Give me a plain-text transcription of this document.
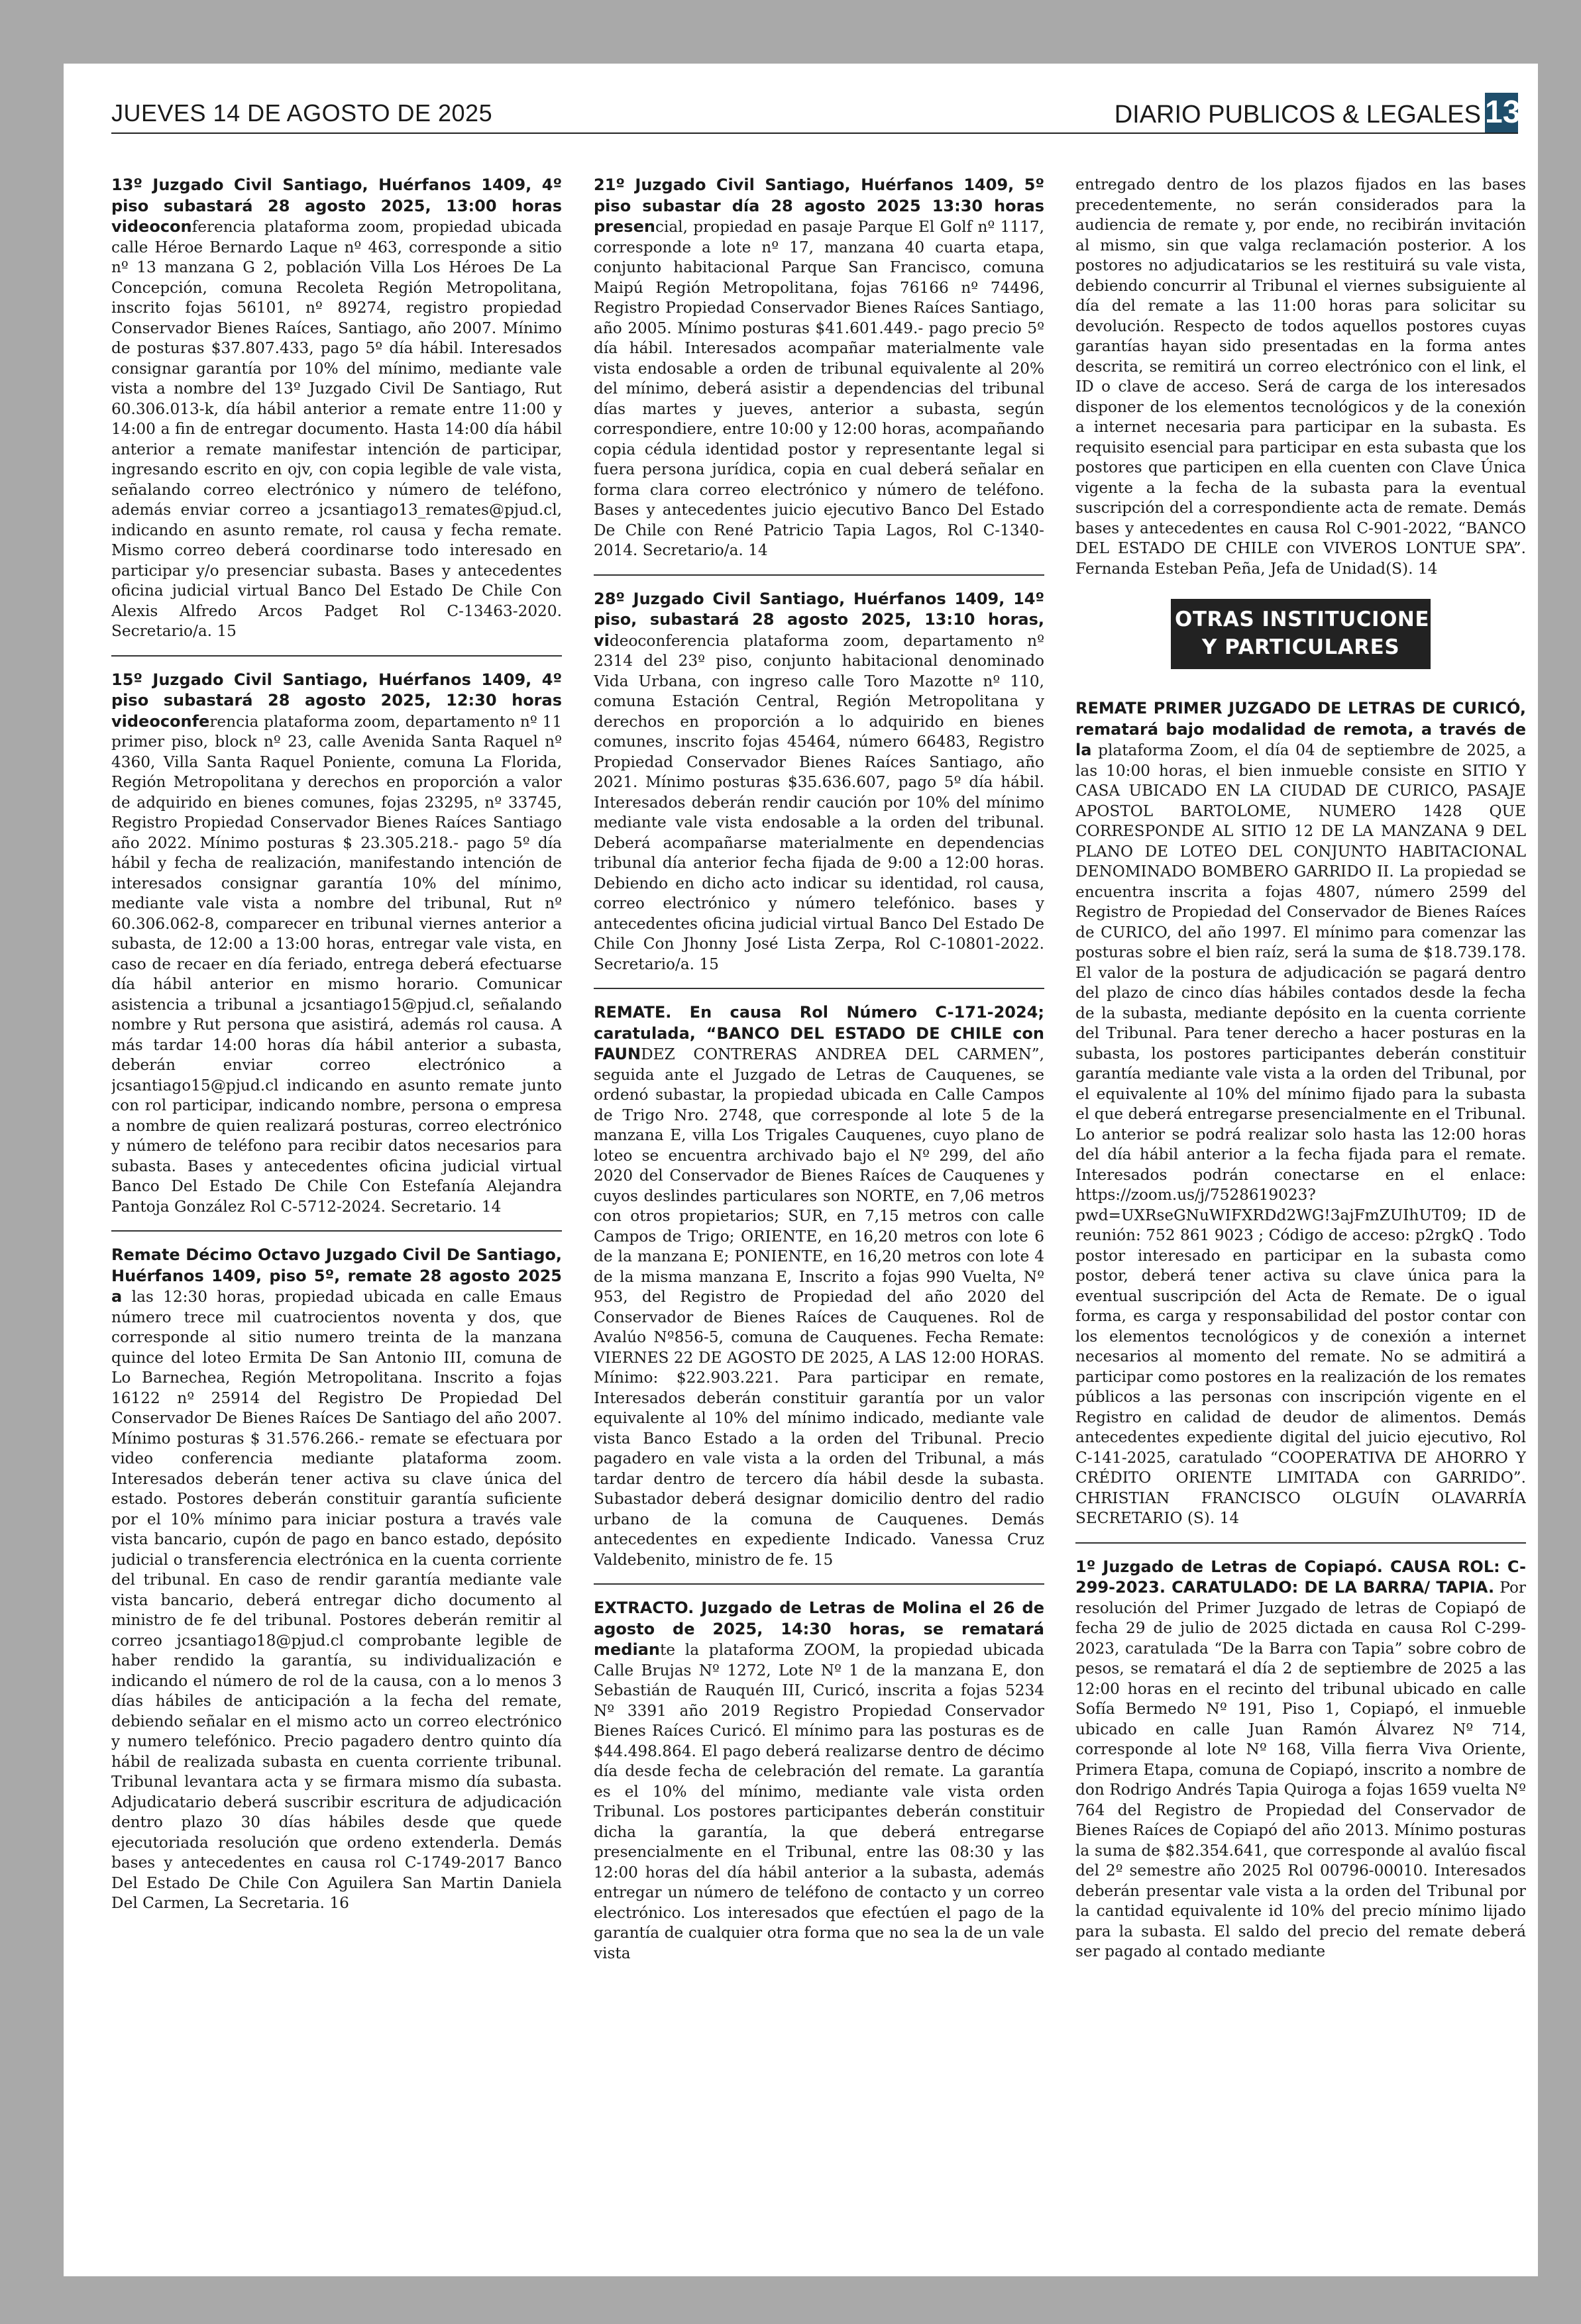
JUEVES 14 DE AGOSTO DE 2025	DIARIO PUBLICOS & LEGALES 13

13º Juzgado Civil Santiago, Huérfanos 1409, 4º piso subastará 28 agosto 2025, 13:00 horas videoconferencia plataforma zoom, propiedad ubicada calle Héroe Bernardo Laque nº 463, corresponde a sitio nº 13 manzana G 2, población Villa Los Héroes De La Concepción, comuna Recoleta Región Metropolitana, inscrito fojas 56101, nº 89274, registro propiedad Conservador Bienes Raíces, Santiago, año 2007. Mínimo de posturas $37.807.433, pago 5º día hábil. Interesados consignar garantía por 10% del mínimo, mediante vale vista a nombre del 13º Juzgado Civil De Santiago, Rut 60.306.013-k, día hábil anterior a remate entre 11:00 y 14:00 a fin de entregar documento. Hasta 14:00 día hábil anterior a remate manifestar intención de participar, ingresando escrito en ojv, con copia legible de vale vista, señalando correo electrónico y número de teléfono, además enviar correo a jcsantiago13_remates@pjud.cl, indicando en asunto remate, rol causa y fecha remate. Mismo correo deberá coordinarse todo interesado en participar y/o presenciar subasta. Bases y antecedentes oficina judicial virtual Banco Del Estado De Chile Con Alexis Alfredo Arcos Padget Rol C-13463-2020. Secretario/a. 15

15º Juzgado Civil Santiago, Huérfanos 1409, 4º piso subastará 28 agosto 2025, 12:30 horas videoconferencia plataforma zoom, departamento nº 11 primer piso, block nº 23, calle Avenida Santa Raquel nº 4360, Villa Santa Raquel Poniente, comuna La Florida, Región Metropolitana y derechos en proporción a valor de adquirido en bienes comunes, fojas 23295, nº 33745, Registro Propiedad Conservador Bienes Raíces Santiago año 2022. Mínimo posturas $ 23.305.218.- pago 5º día hábil y fecha de realización, manifestando intención de interesados consignar garantía 10% del mínimo, mediante vale vista a nombre del tribunal, Rut nº 60.306.062-8, comparecer en tribunal viernes anterior a subasta, de 12:00 a 13:00 horas, entregar vale vista, en caso de recaer en día feriado, entrega deberá efectuarse día hábil anterior en mismo horario. Comunicar asistencia a tribunal a jcsantiago15@pjud.cl, señalando nombre y Rut persona que asistirá, además rol causa. A más tardar 14:00 horas día hábil anterior a subasta, deberán enviar correo electrónico a jcsantiago15@pjud.cl indicando en asunto remate junto con rol participar, indicando nombre, persona o empresa a nombre de quien realizará posturas, correo electrónico y número de teléfono para recibir datos necesarios para subasta. Bases y antecedentes oficina judicial virtual Banco Del Estado De Chile Con Estefanía Alejandra Pantoja González Rol C-5712-2024. Secretario. 14

Remate Décimo Octavo Juzgado Civil De Santiago, Huérfanos 1409, piso 5º, remate 28 agosto 2025 a las 12:30 horas, propiedad ubicada en calle Emaus número trece mil cuatrocientos noventa y dos, que corresponde al sitio numero treinta de la manzana quince del loteo Ermita De San Antonio III, comuna de Lo Barnechea, Región Metropolitana. Inscrito a fojas 16122 nº 25914 del Registro De Propiedad Del Conservador De Bienes Raíces De Santiago del año 2007. Mínimo posturas $ 31.576.266.- remate se efectuara por video conferencia mediante plataforma zoom. Interesados deberán tener activa su clave única del estado. Postores deberán constituir garantía suficiente por el 10% mínimo para iniciar postura a través vale vista bancario, cupón de pago en banco estado, depósito judicial o transferencia electrónica en la cuenta corriente del tribunal. En caso de rendir garantía mediante vale vista bancario, deberá entregar dicho documento al ministro de fe del tribunal. Postores deberán remitir al correo jcsantiago18@pjud.cl comprobante legible de haber rendido la garantía, su individualización e indicando el número de rol de la causa, con a lo menos 3 días hábiles de anticipación a la fecha del remate, debiendo señalar en el mismo acto un correo electrónico y numero telefónico. Precio pagadero dentro quinto día hábil de realizada subasta en cuenta corriente tribunal. Tribunal levantara acta y se firmara mismo día subasta. Adjudicatario deberá suscribir escritura de adjudicación dentro plazo 30 días hábiles desde que quede ejecutoriada resolución que ordeno extenderla. Demás bases y antecedentes en causa rol C-1749-2017 Banco Del Estado De Chile Con Aguilera San Martin Daniela Del Carmen, La Secretaria. 16

21º Juzgado Civil Santiago, Huérfanos 1409, 5º piso subastar día 28 agosto 2025 13:30 horas presencial, propiedad en pasaje Parque El Golf nº 1117, corresponde a lote nº 17, manzana 40 cuarta etapa, conjunto habitacional Parque San Francisco, comuna Maipú Región Metropolitana, fojas 76166 nº 74496, Registro Propiedad Conservador Bienes Raíces Santiago, año 2005. Mínimo posturas $41.601.449.- pago precio 5º día hábil. Interesados acompañar materialmente vale vista endosable a orden de tribunal equivalente al 20% del mínimo, deberá asistir a dependencias del tribunal días martes y jueves, anterior a subasta, según correspondiere, entre 10:00 y 12:00 horas, acompañando copia cédula identidad postor y representante legal si fuera persona jurídica, copia en cual deberá señalar en forma clara correo electrónico y número de teléfono. Bases y antecedentes juicio ejecutivo Banco Del Estado De Chile con René Patricio Tapia Lagos, Rol C-1340-2014. Secretario/a. 14

28º Juzgado Civil Santiago, Huérfanos 1409, 14º piso, subastará 28 agosto 2025, 13:10 horas, videoconferencia plataforma zoom, departamento nº 2314 del 23º piso, conjunto habitacional denominado Vida Urbana, con ingreso calle Toro Mazotte nº 110, comuna Estación Central, Región Metropolitana y derechos en proporción a lo adquirido en bienes comunes, inscrito fojas 45464, número 66483, Registro Propiedad Conservador Bienes Raíces Santiago, año 2021. Mínimo posturas $35.636.607, pago 5º día hábil. Interesados deberán rendir caución por 10% del mínimo mediante vale vista endosable a la orden del tribunal. Deberá acompañarse materialmente en dependencias tribunal día anterior fecha fijada de 9:00 a 12:00 horas. Debiendo en dicho acto indicar su identidad, rol causa, correo electrónico y número telefónico. bases y antecedentes oficina judicial virtual Banco Del Estado De Chile Con Jhonny José Lista Zerpa, Rol C-10801-2022. Secretario/a. 15

REMATE. En causa Rol Número C-171-2024; caratulada, “BANCO DEL ESTADO DE CHILE con FAUNDEZ CONTRERAS ANDREA DEL CARMEN”, seguida ante el Juzgado de Letras de Cauquenes, se ordenó subastar, la propiedad ubicada en Calle Campos de Trigo Nro. 2748, que corresponde al lote 5 de la manzana E, villa Los Trigales Cauquenes, cuyo plano de loteo se encuentra archivado bajo el Nº 299, del año 2020 del Conservador de Bienes Raíces de Cauquenes y cuyos deslindes particulares son NORTE, en 7,06 metros con otros propietarios; SUR, en 7,15 metros con calle Campos de Trigo; ORIENTE, en 16,20 metros con lote 6 de la manzana E; PONIENTE, en 16,20 metros con lote 4 de la misma manzana E, Inscrito a fojas 990 Vuelta, Nº 953, del Registro de Propiedad del año 2020 del Conservador de Bienes Raíces de Cauquenes. Rol de Avalúo Nº856-5, comuna de Cauquenes. Fecha Remate: VIERNES 22 DE AGOSTO DE 2025, A LAS 12:00 HORAS. Mínimo: $22.903.221. Para participar en remate, Interesados deberán constituir garantía por un valor equivalente al 10% del mínimo indicado, mediante vale vista Banco Estado a la orden del Tribunal. Precio pagadero en vale vista a la orden del Tribunal, a más tardar dentro de tercero día hábil desde la subasta. Subastador deberá designar domicilio dentro del radio urbano de la comuna de Cauquenes. Demás antecedentes en expediente Indicado. Vanessa Cruz Valdebenito, ministro de fe. 15

EXTRACTO. Juzgado de Letras de Molina el 26 de agosto de 2025, 14:30 horas, se rematará mediante la plataforma ZOOM, la propiedad ubicada Calle Brujas Nº 1272, Lote Nº 1 de la manzana E, don Sebastián de Rauquén III, Curicó, inscrita a fojas 5234 Nº 3391 año 2019 Registro Propiedad Conservador Bienes Raíces Curicó. El mínimo para las posturas es de $44.498.864. El pago deberá realizarse dentro de décimo día desde fecha de celebración del remate. La garantía es el 10% del mínimo, mediante vale vista orden Tribunal. Los postores participantes deberán constituir dicha la garantía, la que deberá entregarse presencialmente en el Tribunal, entre las 08:30 y las 12:00 horas del día hábil anterior a la subasta, además entregar un número de teléfono de contacto y un correo electrónico. Los interesados que efectúen el pago de la garantía de cualquier otra forma que no sea la de un vale vista

entregado dentro de los plazos fijados en las bases precedentemente, no serán considerados para la audiencia de remate y, por ende, no recibirán invitación al mismo, sin que valga reclamación posterior. A los postores no adjudicatarios se les restituirá su vale vista, debiendo concurrir al Tribunal el viernes subsiguiente al día del remate a las 11:00 horas para solicitar su devolución. Respecto de todos aquellos postores cuyas garantías hayan sido presentadas en la forma antes descrita, se remitirá un correo electrónico con el link, el ID o clave de acceso. Será de carga de los interesados disponer de los elementos tecnológicos y de la conexión a internet necesaria para participar en la subasta. Es requisito esencial para participar en esta subasta que los postores que participen en ella cuenten con Clave Única vigente a la fecha de la subasta para la eventual suscripción del a correspondiente acta de remate. Demás bases y antecedentes en causa Rol C-901-2022, “BANCO DEL ESTADO DE CHILE con VIVEROS LONTUE SPA”. Fernanda Esteban Peña, Jefa de Unidad(S). 14

OTRAS INSTITUCIONES
Y PARTICULARES

REMATE PRIMER JUZGADO DE LETRAS DE CURICÓ, rematará bajo modalidad de remota, a través de la plataforma Zoom, el día 04 de septiembre de 2025, a las 10:00 horas, el bien inmueble consiste en SITIO Y CASA UBICADO EN LA CIUDAD DE CURICO, PASAJE APOSTOL BARTOLOME, NUMERO 1428 QUE CORRESPONDE AL SITIO 12 DE LA MANZANA 9 DEL PLANO DE LOTEO DEL CONJUNTO HABITACIONAL DENOMINADO BOMBERO GARRIDO II. La propiedad se encuentra inscrita a fojas 4807, número 2599 del Registro de Propiedad del Conservador de Bienes Raíces de CURICO, del año 1997. El mínimo para comenzar las posturas sobre el bien raíz, será la suma de $18.739.178. El valor de la postura de adjudicación se pagará dentro del plazo de cinco días hábiles contados desde la fecha de la subasta, mediante depósito en la cuenta corriente del Tribunal. Para tener derecho a hacer posturas en la subasta, los postores participantes deberán constituir garantía mediante vale vista a la orden del Tribunal, por el equivalente al 10% del mínimo fijado para la subasta el que deberá entregarse presencialmente en el Tribunal. Lo anterior se podrá realizar solo hasta las 12:00 horas del día hábil anterior a la fecha fijada para el remate. Interesados podrán conectarse en el enlace: https://zoom.us/j/7528619023?pwd=UXRseGNuWIFXRDd2WG!3ajFmZUIhUT09; ID de reunión: 752 861 9023 ; Código de acceso: p2rgkQ . Todo postor interesado en participar en la subasta como postor, deberá tener activa su clave única para la eventual suscripción del Acta de Remate. De o igual forma, es carga y responsabilidad del postor contar con los elementos tecnológicos y de conexión a internet necesarios al momento del remate. No se admitirá a participar como postores en la realización de los remates públicos a las personas con inscripción vigente en el Registro en calidad de deudor de alimentos. Demás antecedentes expediente digital del juicio ejecutivo, Rol C-141-2025, caratulado “COOPERATIVA DE AHORRO Y CRÉDITO ORIENTE LIMITADA con GARRIDO”. CHRISTIAN FRANCISCO OLGUÍN OLAVARRÍA SECRETARIO (S). 14

1º Juzgado de Letras de Copiapó. CAUSA ROL: C-299-2023. CARATULADO: DE LA BARRA/ TAPIA. Por resolución del Primer Juzgado de letras de Copiapó de fecha 29 de julio de 2025 dictada en causa Rol C-299-2023, caratulada “De la Barra con Tapia” sobre cobro de pesos, se rematará el día 2 de septiembre de 2025 a las 12:00 horas en el recinto del tribunal ubicado en calle Sofía Bermedo Nº 191, Piso 1, Copiapó, el inmueble ubicado en calle Juan Ramón Álvarez Nº 714, corresponde al lote Nº 168, Villa fierra Viva Oriente, Primera Etapa, comuna de Copiapó, inscrito a nombre de don Rodrigo Andrés Tapia Quiroga a fojas 1659 vuelta Nº 764 del Registro de Propiedad del Conservador de Bienes Raíces de Copiapó del año 2013. Mínimo posturas la suma de $82.354.641, que corresponde al avalúo fiscal del 2º semestre año 2025 Rol 00796-00010. Interesados deberán presentar vale vista a la orden del Tribunal por la cantidad equivalente id 10% del precio mínimo lijado para la subasta. El saldo del precio del remate deberá ser pagado al contado mediante
